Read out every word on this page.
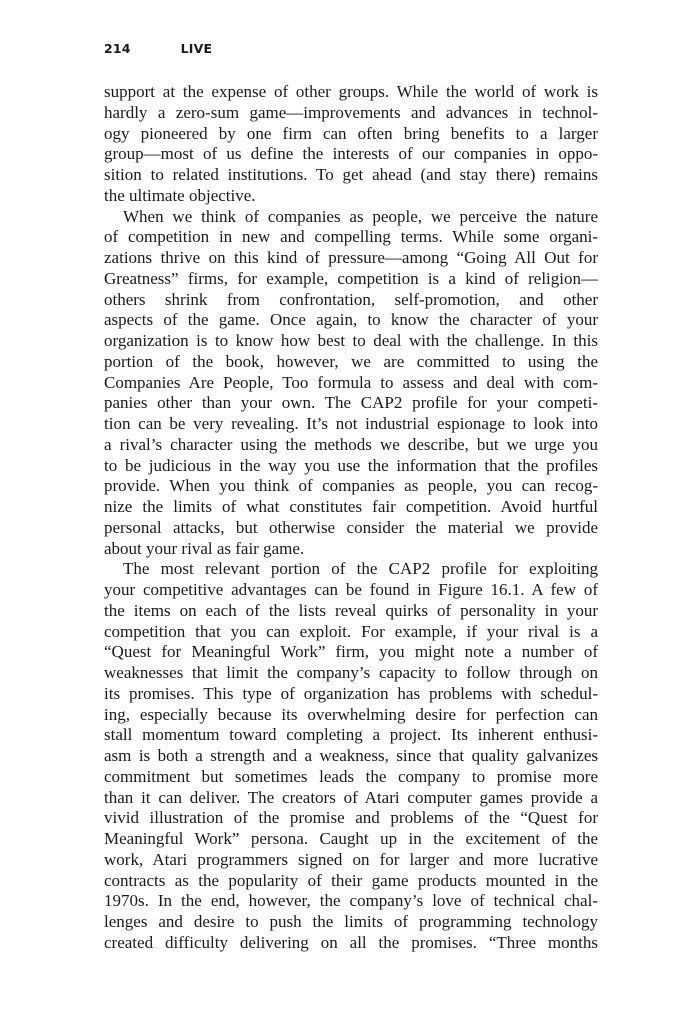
214	LIVE
support at the expense of other groups. While the world of work is
hardly a zero-sum game—improvements and advances in technol-
ogy pioneered by one firm can often bring benefits to a larger
group—most of us define the interests of our companies in oppo-
sition to related institutions. To get ahead (and stay there) remains
the ultimate objective.
When we think of companies as people, we perceive the nature
of competition in new and compelling terms. While some organi-
zations thrive on this kind of pressure—among “Going All Out for
Greatness” firms, for example, competition is a kind of religion—
others shrink from confrontation, self-promotion, and other
aspects of the game. Once again, to know the character of your
organization is to know how best to deal with the challenge. In this
portion of the book, however, we are committed to using the
Companies Are People, Too formula to assess and deal with com-
panies other than your own. The CAP2 profile for your competi-
tion can be very revealing. It’s not industrial espionage to look into
a rival’s character using the methods we describe, but we urge you
to be judicious in the way you use the information that the profiles
provide. When you think of companies as people, you can recog-
nize the limits of what constitutes fair competition. Avoid hurtful
personal attacks, but otherwise consider the material we provide
about your rival as fair game.
The most relevant portion of the CAP2 profile for exploiting
your competitive advantages can be found in Figure 16.1. A few of
the items on each of the lists reveal quirks of personality in your
competition that you can exploit. For example, if your rival is a
“Quest for Meaningful Work” firm, you might note a number of
weaknesses that limit the company’s capacity to follow through on
its promises. This type of organization has problems with schedul-
ing, especially because its overwhelming desire for perfection can
stall momentum toward completing a project. Its inherent enthusi-
asm is both a strength and a weakness, since that quality galvanizes
commitment but sometimes leads the company to promise more
than it can deliver. The creators of Atari computer games provide a
vivid illustration of the promise and problems of the “Quest for
Meaningful Work” persona. Caught up in the excitement of the
work, Atari programmers signed on for larger and more lucrative
contracts as the popularity of their game products mounted in the
1970s. In the end, however, the company’s love of technical chal-
lenges and desire to push the limits of programming technology
created difficulty delivering on all the promises. “Three months
